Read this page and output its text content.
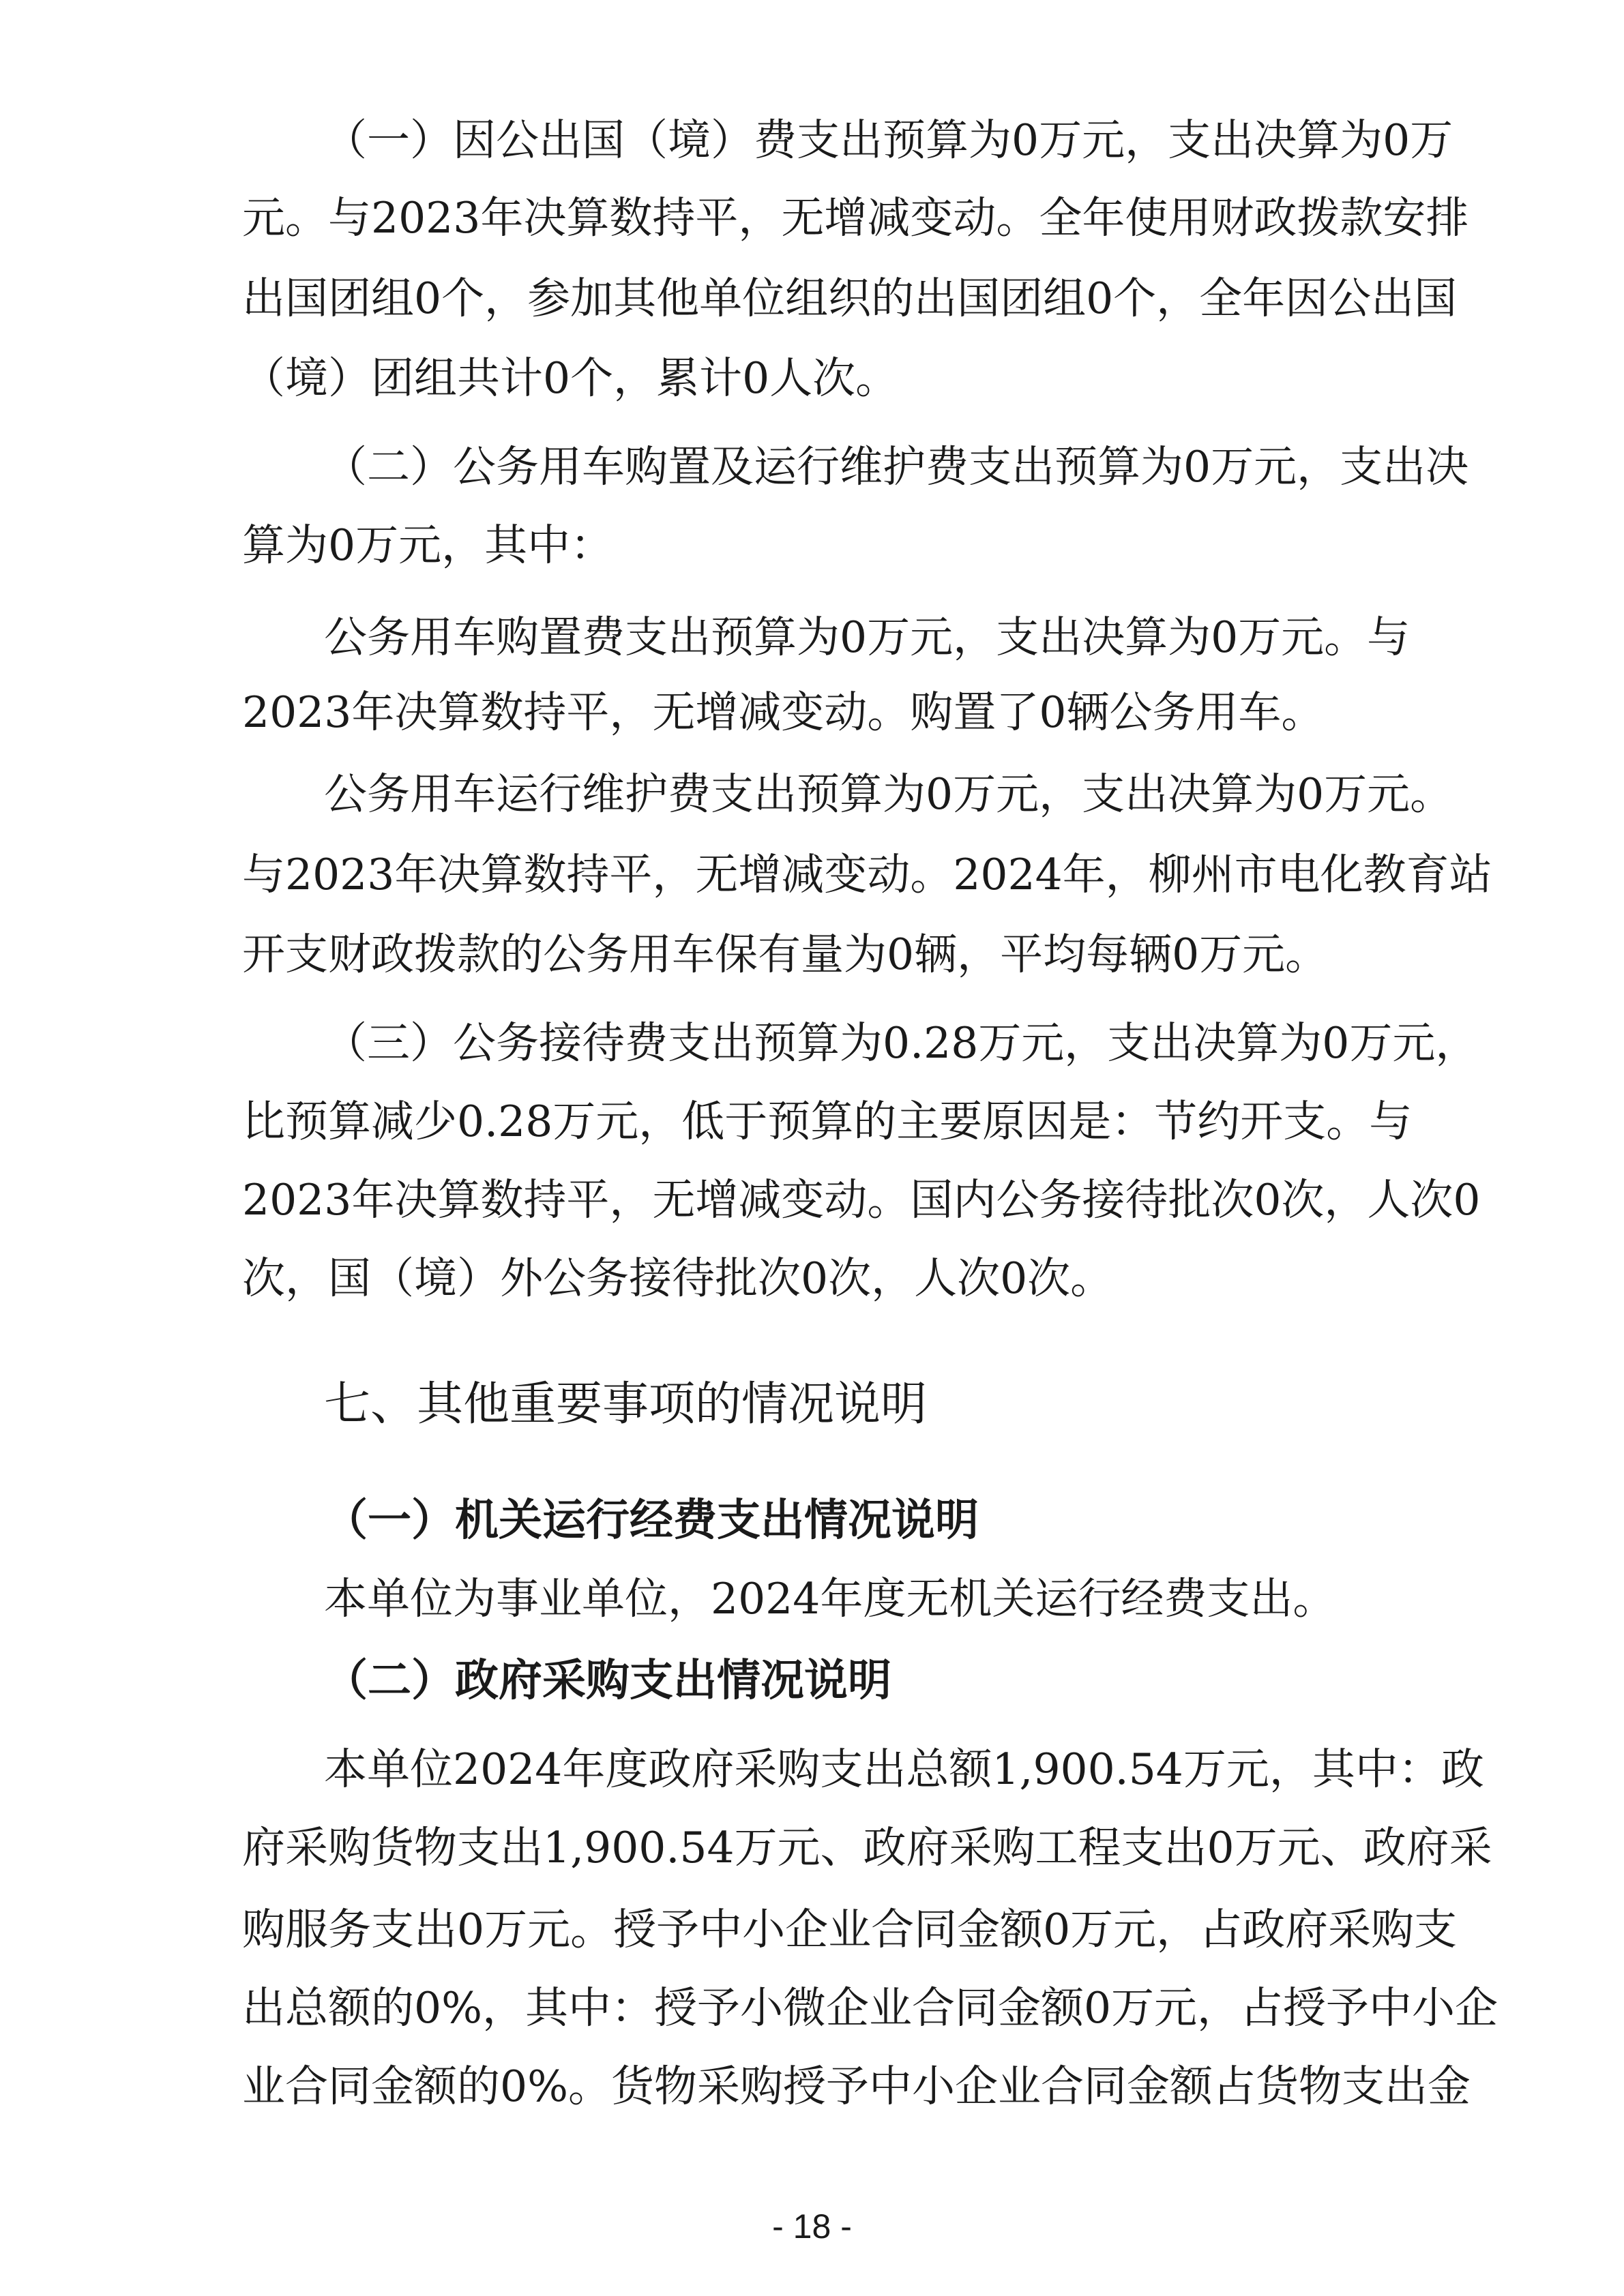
（一）因公出国（境）费支出预算为0万元，支出决算为0万
元。与2023年决算数持平，无增减变动。全年使用财政拨款安排
出国团组0个，参加其他单位组织的出国团组0个，全年因公出国
（境）团组共计0个，累计0人次。
（二）公务用车购置及运行维护费支出预算为0万元，支出决
算为0万元，其中：
公务用车购置费支出预算为0万元，支出决算为0万元。与
2023年决算数持平，无增减变动。购置了0辆公务用车。
公务用车运行维护费支出预算为0万元，支出决算为0万元。
与2023年决算数持平，无增减变动。2024年，柳州市电化教育站
开支财政拨款的公务用车保有量为0辆，平均每辆0万元。
（三）公务接待费支出预算为0.28万元，支出决算为0万元，
比预算减少0.28万元，低于预算的主要原因是：节约开支。与
2023年决算数持平，无增减变动。国内公务接待批次0次，人次0
次，国（境）外公务接待批次0次，人次0次。
七、其他重要事项的情况说明
（一）机关运行经费支出情况说明
本单位为事业单位，2024年度无机关运行经费支出。
（二）政府采购支出情况说明
本单位2024年度政府采购支出总额1,900.54万元，其中：政
府采购货物支出1,900.54万元、政府采购工程支出0万元、政府采
购服务支出0万元。授予中小企业合同金额0万元，占政府采购支
出总额的0%，其中：授予小微企业合同金额0万元，占授予中小企
业合同金额的0%。货物采购授予中小企业合同金额占货物支出金
- 18 -
